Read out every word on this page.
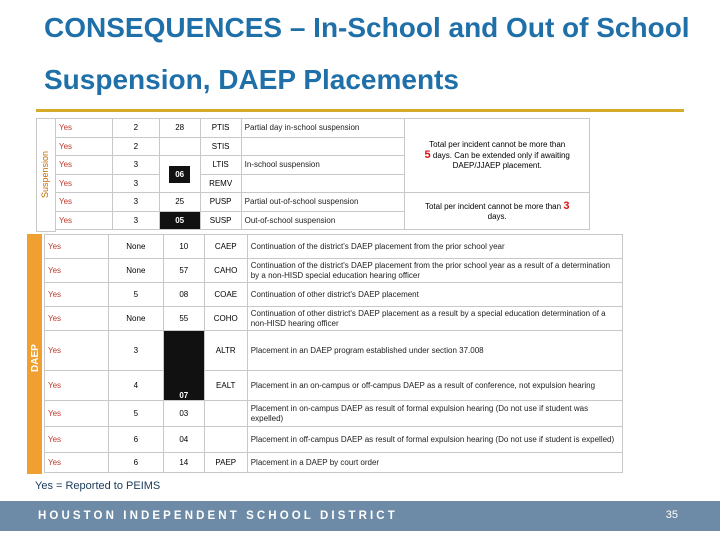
CONSEQUENCES – In-School and Out of School Suspension, DAEP Placements
Suspension
Yes	2	28	PTIS	Partial day in-school suspension	Total per incident cannot be more than
5 days. Can be extended only if awaiting DAEP/JJAEP placement.
Yes	2		STIS		
Yes	3	06	LTIS	In-school suspension	
Yes	3		REMV		
Yes	3	25	PUSP	Partial out-of-school suspension	Total per incident cannot be more than 3
days.
Yes	3	05	SUSP	Out-of-school suspension	
DAEP
Yes	None	10	CAEP	Continuation of the district's DAEP placement from the prior school year
Yes	None	57	CAHO	Continuation of the district's DAEP placement from the prior school year as a result of a determination by a non-HISD special education hearing officer
Yes	5	08	COAE	Continuation of other district's DAEP placement
Yes	None	55	COHO	Continuation of other district's DAEP placement as a result by a special education determination of a non-HISD hearing officer
Yes	3	07	ALTR	Placement in an DAEP program established under section 37.008
Yes	4		EALT	Placement in an on-campus or off-campus DAEP as a result of conference, not expulsion hearing
Yes	5	03		Placement in on-campus DAEP as result of formal expulsion hearing (Do not use if student was expelled)
Yes	6	04		Placement in off-campus DAEP as result of formal expulsion hearing (Do not use if student is expelled)
Yes	6	14	PAEP	Placement in a DAEP by court order
Yes = Reported to PEIMS
HOUSTON INDEPENDENT SCHOOL DISTRICT	35
